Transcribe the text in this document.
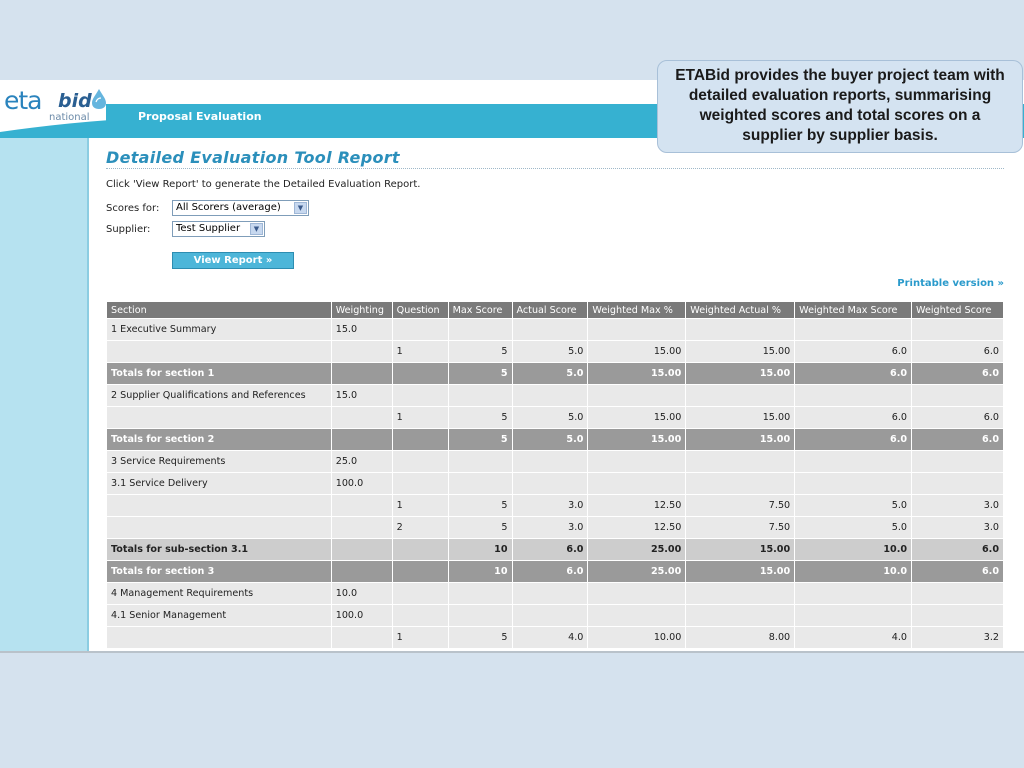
eta bid
national	Proposal Evaluation
Detailed Evaluation Tool Report
Click 'View Report' to generate the Detailed Evaluation Report.
Scores for:	All Scorers (average)	▼
Supplier:	Test Supplier	▼
View Report »
Printable version »
Section	Weighting	Question	Max Score	Actual Score	Weighted Max %	Weighted Actual %	Weighted Max Score	Weighted Score
1 Executive Summary	15.0							
		1	5	5.0	15.00	15.00	6.0	6.0
Totals for section 1			5	5.0	15.00	15.00	6.0	6.0
2 Supplier Qualifications and References	15.0							
		1	5	5.0	15.00	15.00	6.0	6.0
Totals for section 2			5	5.0	15.00	15.00	6.0	6.0
3 Service Requirements	25.0							
3.1 Service Delivery	100.0							
		1	5	3.0	12.50	7.50	5.0	3.0
		2	5	3.0	12.50	7.50	5.0	3.0
Totals for sub-section 3.1			10	6.0	25.00	15.00	10.0	6.0
Totals for section 3			10	6.0	25.00	15.00	10.0	6.0
4 Management Requirements	10.0							
4.1 Senior Management	100.0							
		1	5	4.0	10.00	8.00	4.0	3.2
ETABid provides the buyer project team with detailed evaluation reports, summarising weighted scores and total scores on a supplier by supplier basis.
